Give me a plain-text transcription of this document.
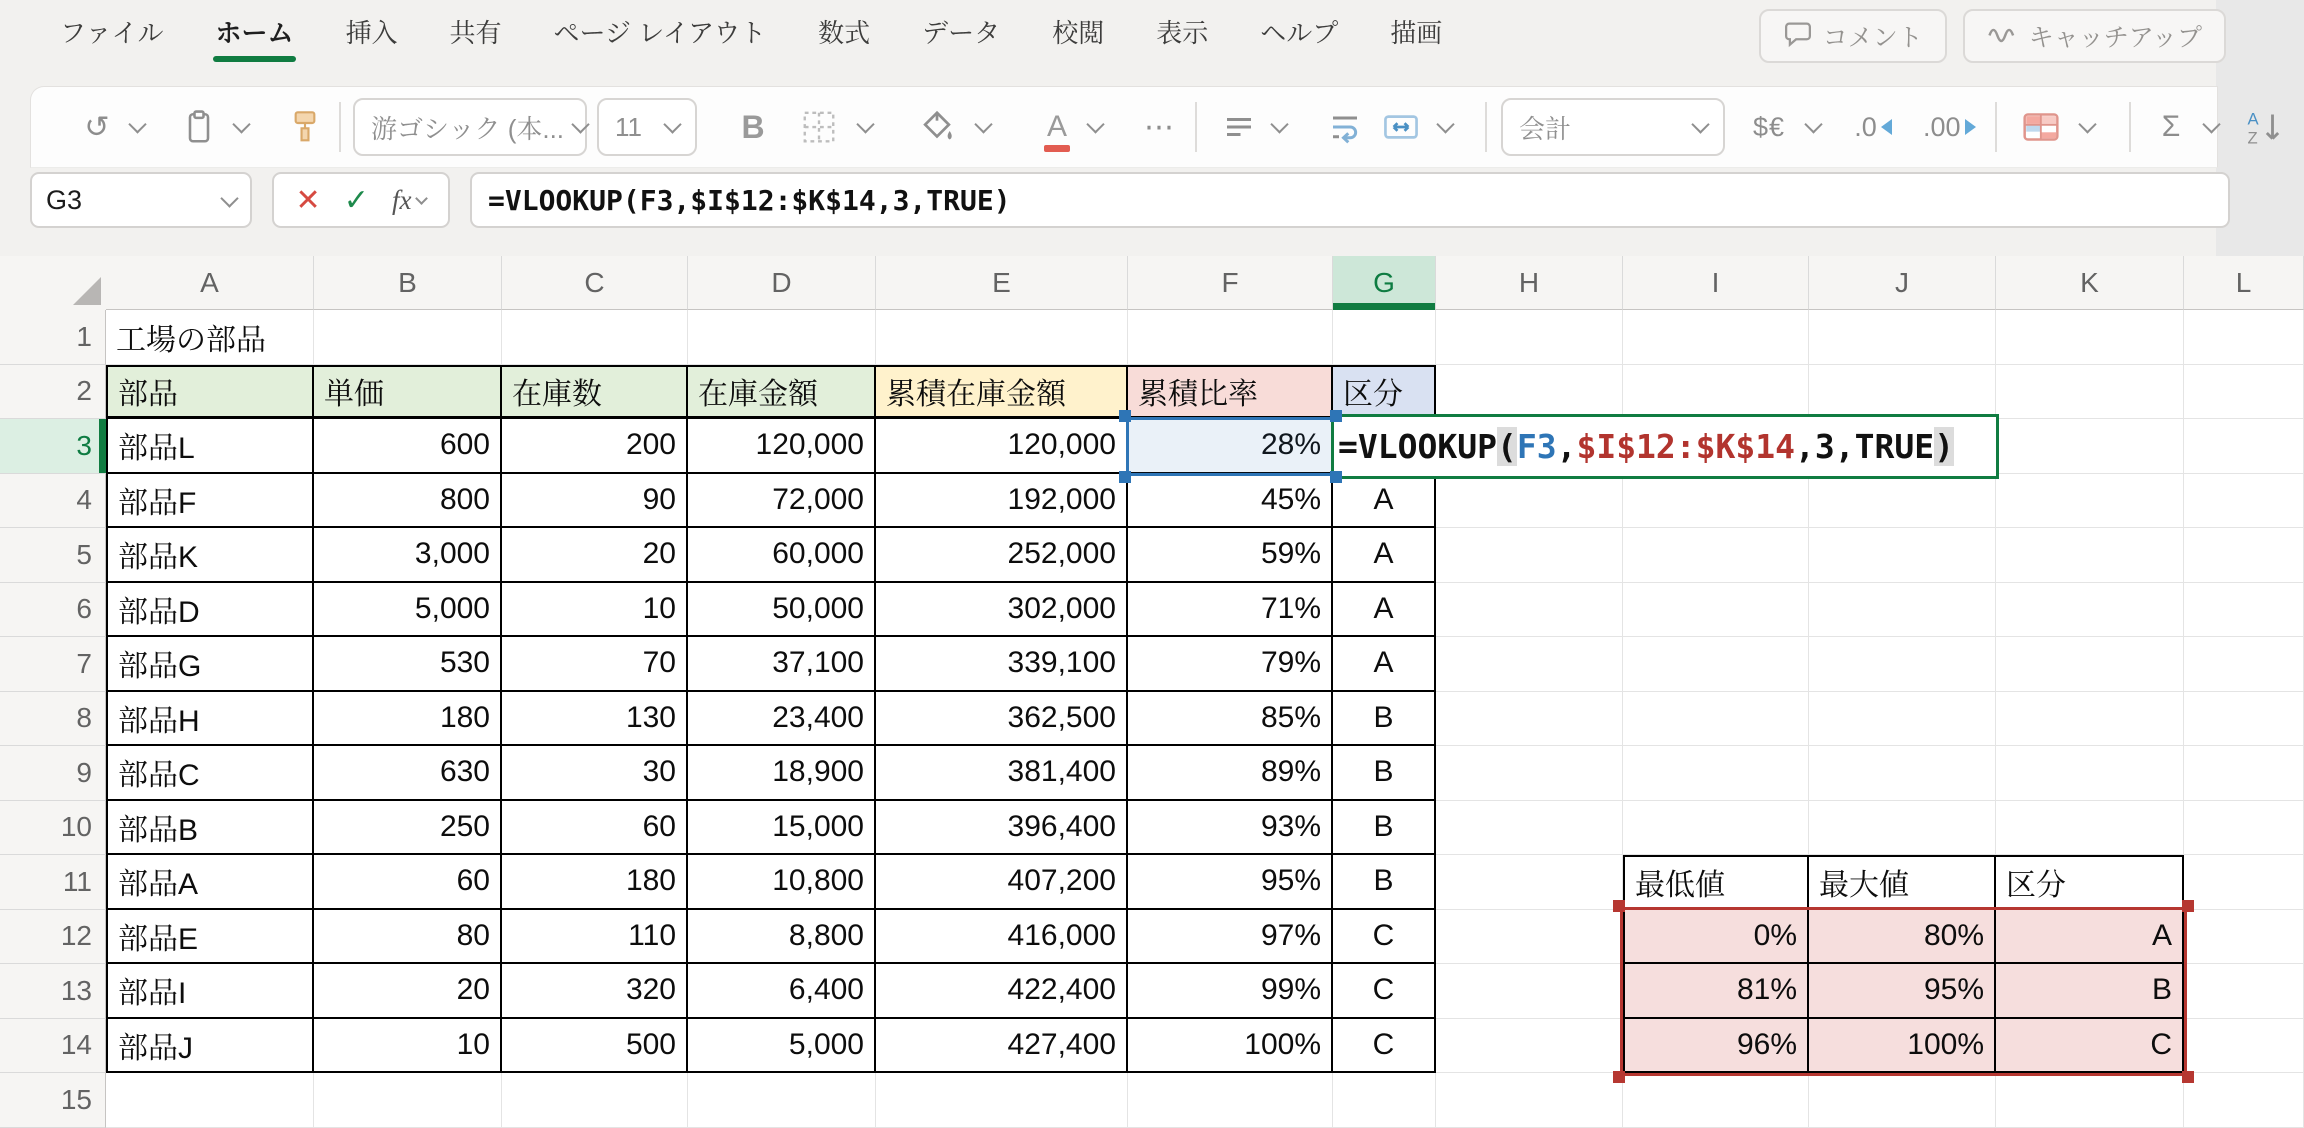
ファイル	ホーム	挿入	共有	ページ レイアウト	数式	データ	校閲	表示	ヘルプ	描画	コメント	キャッチアップ
↺	游ゴシック (本... 11	B	A	⋯	会計	$€	.0 .00	Σ	A
Z
G3	✕ ✓ fx	=VLOOKUP(F3,$I$12:$K$14,3,TRUE)
A	B	C	D	E	F	G	H	I	J	K	L
1
2
3
4
5
6
7
8
9
10
11
12
13
14
15
工場の部品
部品	単価	在庫数	在庫金額	累積在庫金額	累積比率	区分
部品L	600	200	120,000	120,000	28%
部品F	800	90	72,000	192,000	45%	A
部品K	3,000	20	60,000	252,000	59%	A
部品D	5,000	10	50,000	302,000	71%	A
部品G	530	70	37,100	339,100	79%	A
部品H	180	130	23,400	362,500	85%	B
部品C	630	30	18,900	381,400	89%	B
部品B	250	60	15,000	396,400	93%	B
部品A	60	180	10,800	407,200	95%	B
部品E	80	110	8,800	416,000	97%	C
部品I	20	320	6,400	422,400	99%	C
部品J	10	500	5,000	427,400	100%	C
最低値	最大値	区分
0%	80%	A
81%	95%	B
96%	100%	C
=VLOOKUP ( F3 , $I$12:$K$14 ,3,TRUE )
